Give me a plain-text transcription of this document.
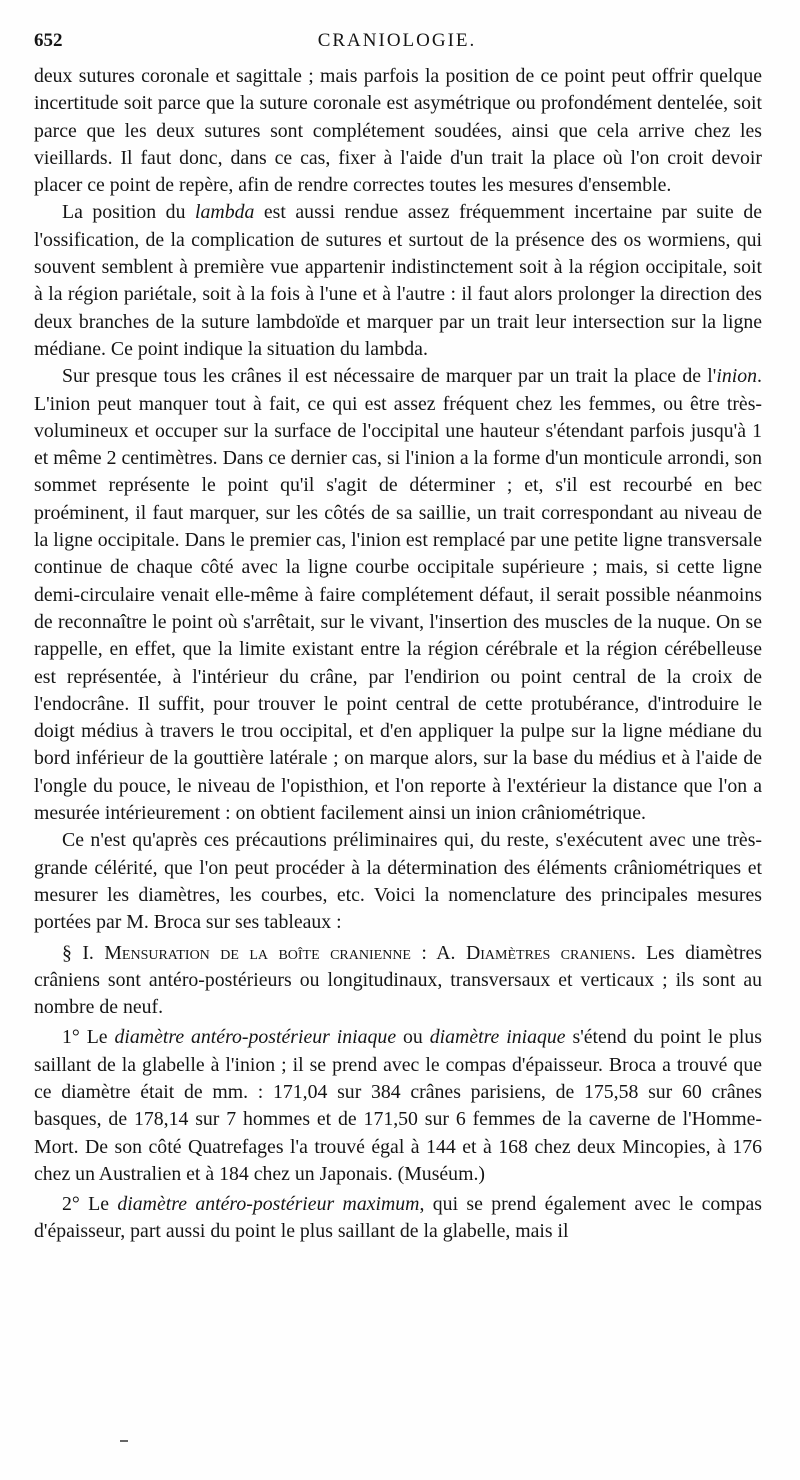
652	CRANIOLOGIE.

deux sutures coronale et sagittale ; mais parfois la position de ce point peut offrir quelque incertitude soit parce que la suture coronale est asymétrique ou profondément dentelée, soit parce que les deux sutures sont complétement soudées, ainsi que cela arrive chez les vieillards. Il faut donc, dans ce cas, fixer à l'aide d'un trait la place où l'on croit devoir placer ce point de repère, afin de rendre correctes toutes les mesures d'ensemble.

La position du lambda est aussi rendue assez fréquemment incertaine par suite de l'ossification, de la complication de sutures et surtout de la présence des os wormiens, qui souvent semblent à première vue appartenir indistinctement soit à la région occipitale, soit à la région pariétale, soit à la fois à l'une et à l'autre : il faut alors prolonger la direction des deux branches de la suture lambdoïde et marquer par un trait leur intersection sur la ligne médiane. Ce point indique la situation du lambda.

Sur presque tous les crânes il est nécessaire de marquer par un trait la place de l'inion. L'inion peut manquer tout à fait, ce qui est assez fréquent chez les femmes, ou être très-volumineux et occuper sur la surface de l'occipital une hauteur s'étendant parfois jusqu'à 1 et même 2 centimètres. Dans ce dernier cas, si l'inion a la forme d'un monticule arrondi, son sommet représente le point qu'il s'agit de déterminer ; et, s'il est recourbé en bec proéminent, il faut marquer, sur les côtés de sa saillie, un trait correspondant au niveau de la ligne occipitale. Dans le premier cas, l'inion est remplacé par une petite ligne transversale continue de chaque côté avec la ligne courbe occipitale supérieure ; mais, si cette ligne demi-circulaire venait elle-même à faire complétement défaut, il serait possible néanmoins de reconnaître le point où s'arrêtait, sur le vivant, l'insertion des muscles de la nuque. On se rappelle, en effet, que la limite existant entre la région cérébrale et la région cérébelleuse est représentée, à l'intérieur du crâne, par l'endirion ou point central de la croix de l'endocrâne. Il suffit, pour trouver le point central de cette protubérance, d'introduire le doigt médius à travers le trou occipital, et d'en appliquer la pulpe sur la ligne médiane du bord inférieur de la gouttière latérale ; on marque alors, sur la base du médius et à l'aide de l'ongle du pouce, le niveau de l'opisthion, et l'on reporte à l'extérieur la distance que l'on a mesurée intérieurement : on obtient facilement ainsi un inion crâniométrique.

Ce n'est qu'après ces précautions préliminaires qui, du reste, s'exécutent avec une très-grande célérité, que l'on peut procéder à la détermination des éléments crâniométriques et mesurer les diamètres, les courbes, etc. Voici la nomenclature des principales mesures portées par M. Broca sur ses tableaux :

§ I. Mensuration de la boîte cranienne : A. Diamètres craniens. Les diamètres crâniens sont antéro-postérieurs ou longitudinaux, transversaux et verticaux ; ils sont au nombre de neuf.

1° Le diamètre antéro-postérieur iniaque ou diamètre iniaque s'étend du point le plus saillant de la glabelle à l'inion ; il se prend avec le compas d'épaisseur. Broca a trouvé que ce diamètre était de mm. : 171,04 sur 384 crânes parisiens, de 175,58 sur 60 crânes basques, de 178,14 sur 7 hommes et de 171,50 sur 6 femmes de la caverne de l'Homme-Mort. De son côté Quatrefages l'a trouvé égal à 144 et à 168 chez deux Mincopies, à 176 chez un Australien et à 184 chez un Japonais. (Muséum.)

2° Le diamètre antéro-postérieur maximum, qui se prend également avec le compas d'épaisseur, part aussi du point le plus saillant de la glabelle, mais il
